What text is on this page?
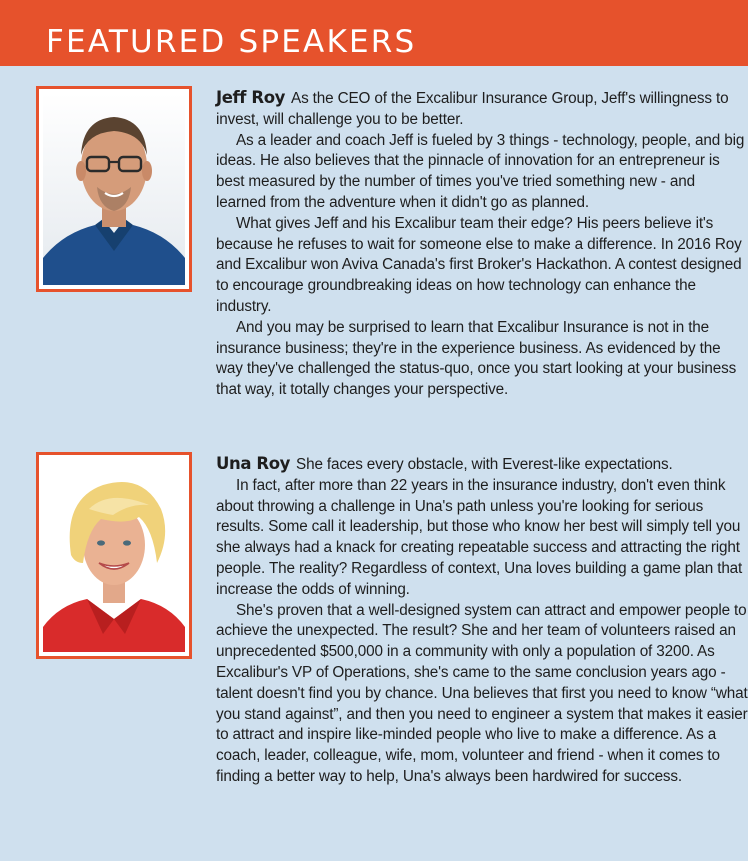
FEATURED SPEAKERS

Jeff Roy As the CEO of the Excalibur Insurance Group, Jeff's willingness to invest, will challenge you to be better.

As a leader and coach Jeff is fueled by 3 things - technology, people, and big ideas. He also believes that the pinnacle of innovation for an entrepreneur is best measured by the number of times you've tried something new - and learned from the adventure when it didn't go as planned.

What gives Jeff and his Excalibur team their edge? His peers believe it's because he refuses to wait for someone else to make a difference. In 2016 Roy and Excalibur won Aviva Canada's first Broker's Hackathon. A contest designed to encourage groundbreaking ideas on how technology can enhance the industry.

And you may be surprised to learn that Excalibur Insurance is not in the insurance business; they're in the experience business. As evidenced by the way they've challenged the status-quo, once you start looking at your business that way, it totally changes your perspective.

Una Roy She faces every obstacle, with Everest-like expectations.

In fact, after more than 22 years in the insurance industry, don't even think about throwing a challenge in Una's path unless you're looking for serious results. Some call it leadership, but those who know her best will simply tell you she always had a knack for creating repeatable success and attracting the right people. The reality? Regardless of context, Una loves building a game plan that increase the odds of winning.

She's proven that a well-designed system can attract and empower people to achieve the unexpected. The result? She and her team of volunteers raised an unprecedented $500,000 in a community with only a population of 3200. As Excalibur's VP of Operations, she's came to the same conclusion years ago - talent doesn't find you by chance. Una believes that first you need to know “what you stand against”, and then you need to engineer a system that makes it easier to attract and inspire like-minded people who live to make a difference. As a coach, leader, colleague, wife, mom, volunteer and friend - when it comes to finding a better way to help, Una's always been hardwired for success.
